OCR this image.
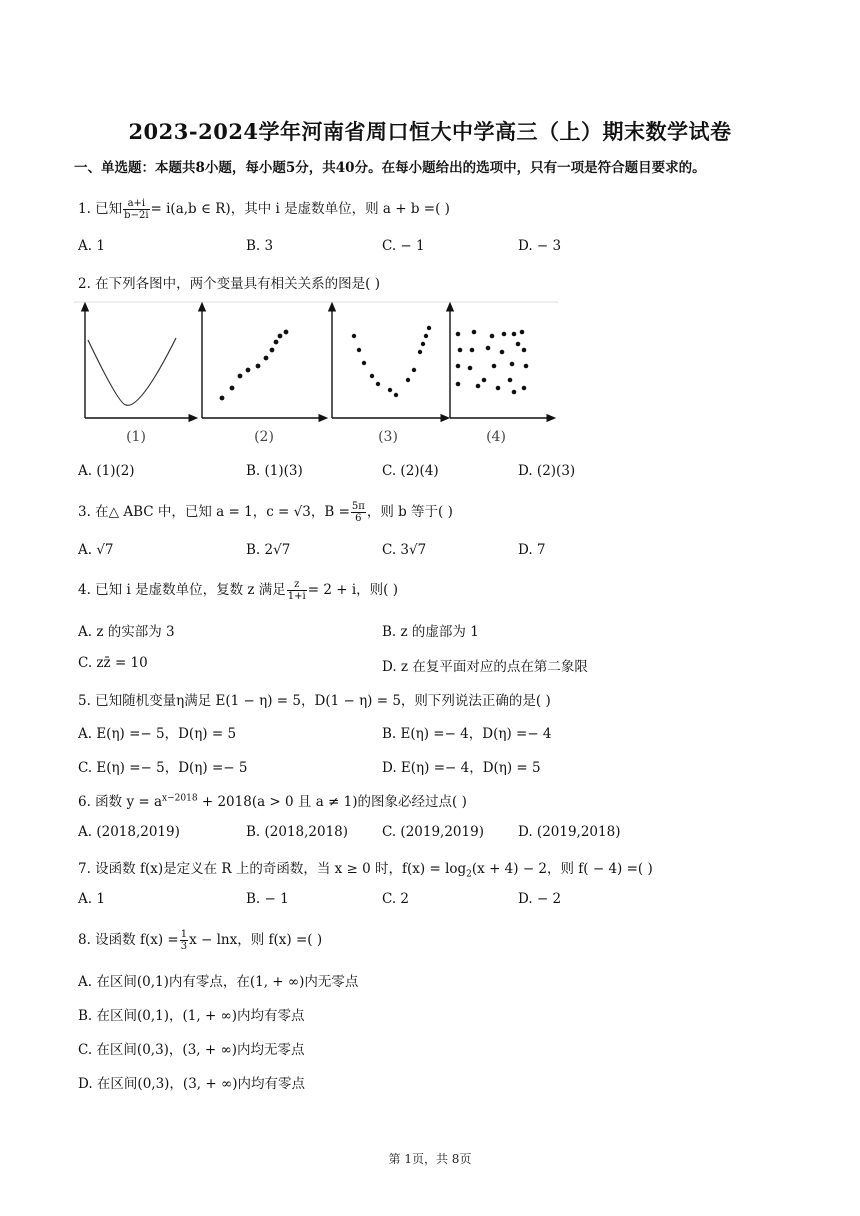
2023-2024学年河南省周口恒大中学高三（上）期末数学试卷
一、单选题：本题共8小题，每小题5分，共40分。在每小题给出的选项中，只有一项是符合题目要求的。
1. 已知 $\frac{a+i}{b-2i} = i(a,b$ ∈ R)，其中 i 是虚数单位，则 a + b =( )
A. 1	B. 3	C. − 1	D. − 3
2. 在下列各图中，两个变量具有相关关系的图是( )
(1)	(2)	(3)	(4)
A. (1)(2)	B. (1)(3)	C. (2)(4)	D. (2)(3)
3. 在△ ABC 中，已知 a = 1，c = √3，$B = \frac{5\pi}{6}$ ，则 b 等于( )
A. √7	B. 2√7	C. 3√7	D. 7
4. 已知 i 是虚数单位，复数 z 满足 $\frac{z}{1+i} = 2 + i$，则( )
A. z 的实部为 3	B. z 的虚部为 1
C. zz̄ = 10	D. z 在复平面对应的点在第二象限
5. 已知随机变量η满足 E(1 − η) = 5，D(1 − η) = 5，则下列说法正确的是( )
A. E(η) =− 5，D(η) = 5	B. E(η) =− 4，D(η) =− 4
C. E(η) =− 5，D(η) =− 5	D. E(η) =− 4，D(η) = 5
6. 函数 $y = a^{x-2018} + 2018(a > 0$ 且 a ≠ 1)的图象必经过点( )
A. (2018,2019)	B. (2018,2018)	C. (2019,2019)	D. (2019,2018)
7. 设函数 f(x)是定义在 R 上的奇函数，当 x ≥ 0 时，$f(x) = \log_2(x + 4) - 2$，则 f( − 4) =( )
A. 1	B. − 1	C. 2	D. − 2
8. 设函数 $f(x) = \frac{1}{3}$ x − lnx，则 f(x) =( )
A. 在区间(0,1)内有零点，在(1, + ∞)内无零点
B. 在区间(0,1)，(1, + ∞)内均有零点
C. 在区间(0,3)，(3, + ∞)内均无零点
D. 在区间(0,3)，(3, + ∞)内均有零点
第 1页，共 8页
